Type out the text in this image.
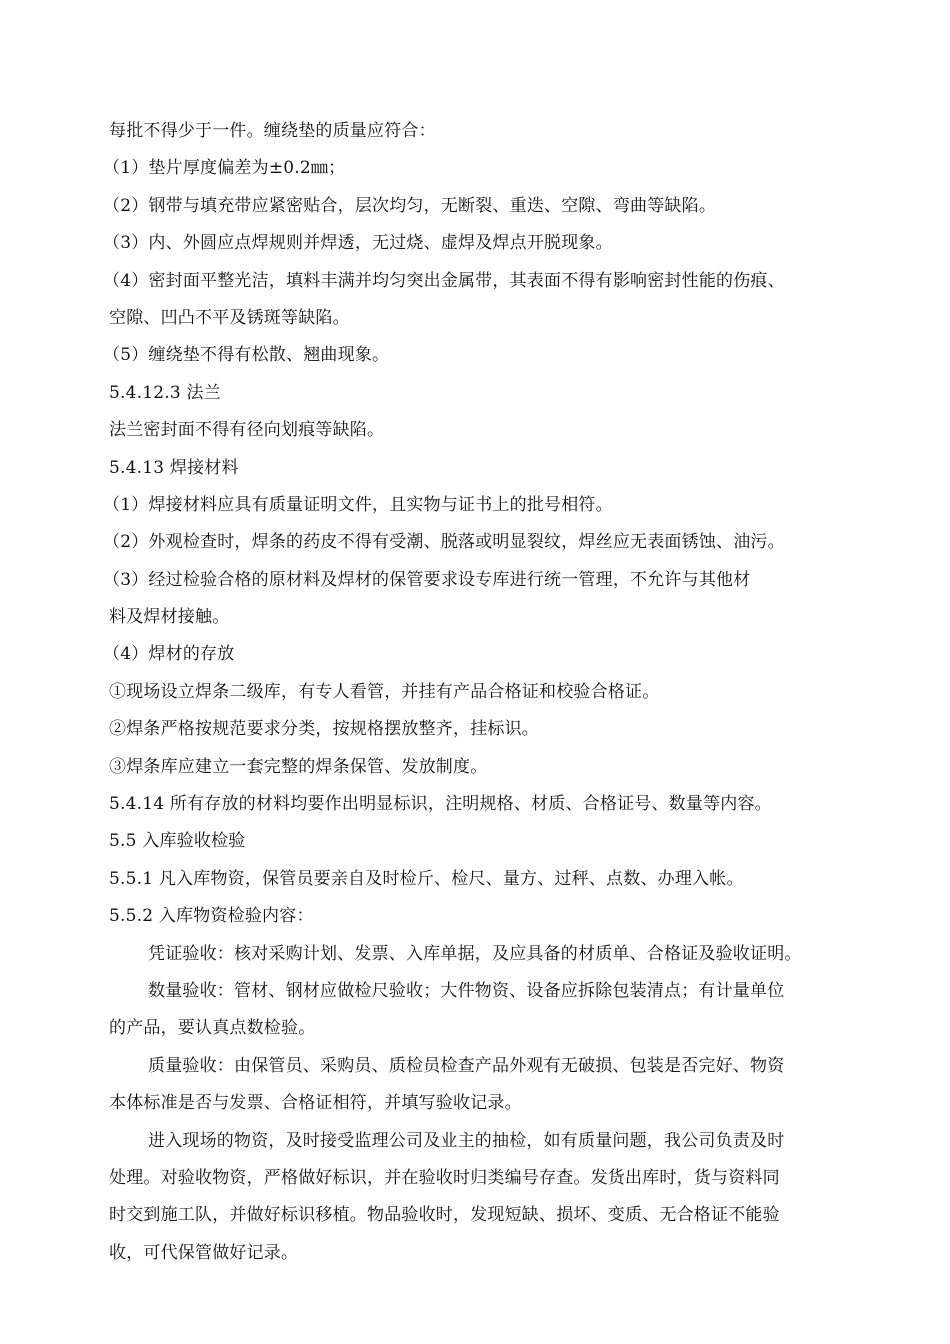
每批不得少于一件。缠绕垫的质量应符合：
（1）垫片厚度偏差为±0.2㎜；
（2）钢带与填充带应紧密贴合，层次均匀，无断裂、重迭、空隙、弯曲等缺陷。
（3）内、外圆应点焊规则并焊透，无过烧、虚焊及焊点开脱现象。
（4）密封面平整光洁，填料丰满并均匀突出金属带，其表面不得有影响密封性能的伤痕、
空隙、凹凸不平及锈斑等缺陷。
（5）缠绕垫不得有松散、翘曲现象。
5.4.12.3 法兰
法兰密封面不得有径向划痕等缺陷。
5.4.13 焊接材料
（1）焊接材料应具有质量证明文件，且实物与证书上的批号相符。
（2）外观检查时，焊条的药皮不得有受潮、脱落或明显裂纹，焊丝应无表面锈蚀、油污。
（3）经过检验合格的原材料及焊材的保管要求设专库进行统一管理，不允许与其他材
料及焊材接触。
（4）焊材的存放
①现场设立焊条二级库，有专人看管，并挂有产品合格证和校验合格证。
②焊条严格按规范要求分类，按规格摆放整齐，挂标识。
③焊条库应建立一套完整的焊条保管、发放制度。
5.4.14 所有存放的材料均要作出明显标识，注明规格、材质、合格证号、数量等内容。
5.5 入库验收检验
5.5.1 凡入库物资，保管员要亲自及时检斤、检尺、量方、过秤、点数、办理入帐。
5.5.2 入库物资检验内容：
凭证验收：核对采购计划、发票、入库单据，及应具备的材质单、合格证及验收证明。
数量验收：管材、钢材应做检尺验收；大件物资、设备应拆除包装清点；有计量单位
的产品，要认真点数检验。
质量验收：由保管员、采购员、质检员检查产品外观有无破损、包装是否完好、物资
本体标准是否与发票、合格证相符，并填写验收记录。
进入现场的物资，及时接受监理公司及业主的抽检，如有质量问题，我公司负责及时
处理。对验收物资，严格做好标识，并在验收时归类编号存查。发货出库时，货与资料同
时交到施工队，并做好标识移植。物品验收时，发现短缺、损坏、变质、无合格证不能验
收，可代保管做好记录。
